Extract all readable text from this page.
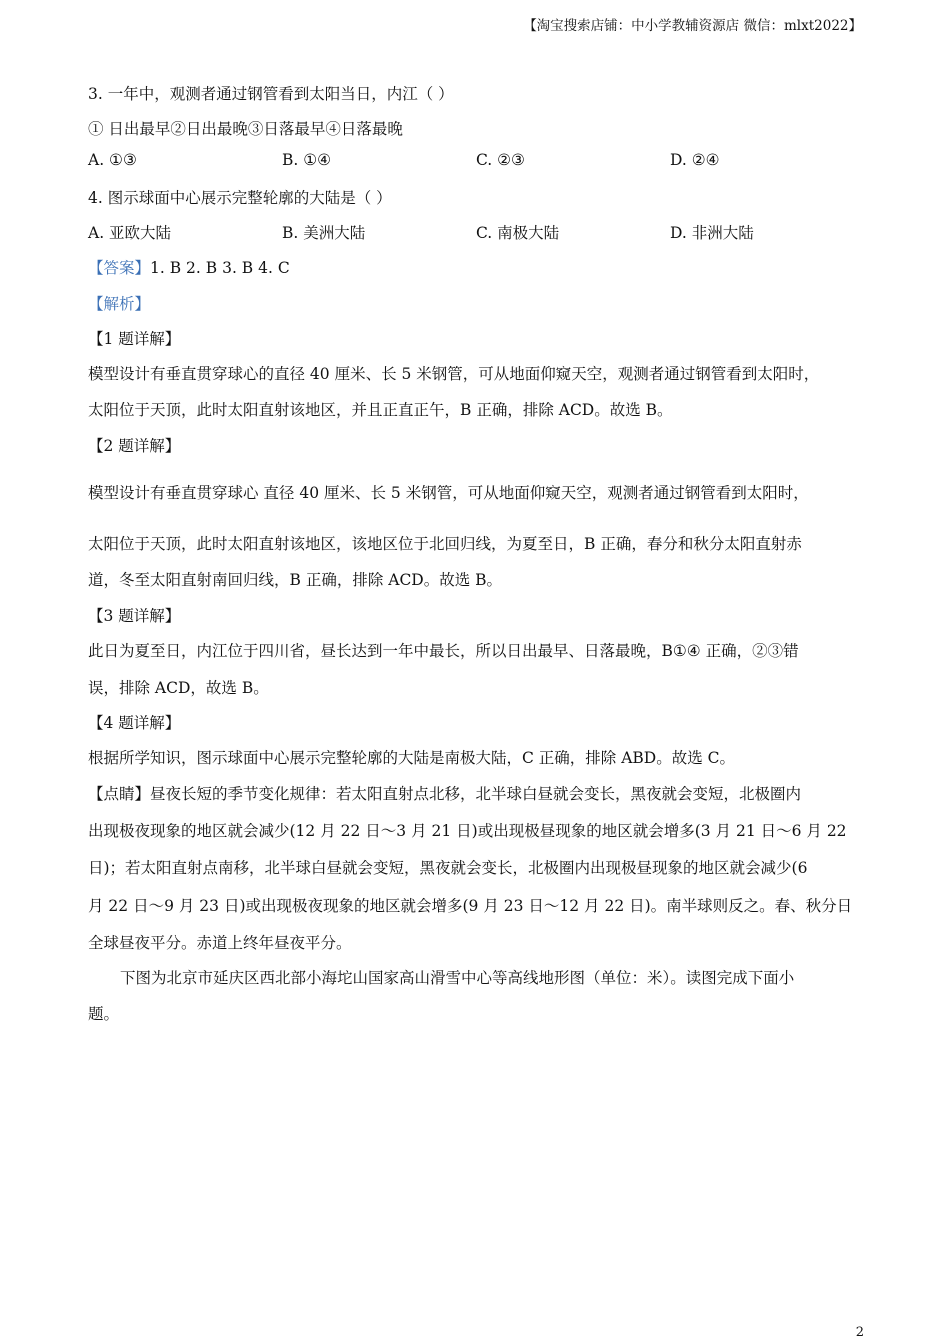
【淘宝搜索店铺：中小学教辅资源店 微信：mlxt2022】
3. 一年中，观测者通过钢管看到太阳当日，内江（ ）
① 日出最早②日出最晚③日落最早④日落最晚
A. ①③	B. ①④	C. ②③	D. ②④
4. 图示球面中心展示完整轮廓的大陆是（ ）
A. 亚欧大陆	B. 美洲大陆	C. 南极大陆	D. 非洲大陆
【答案】1. B 2. B 3. B 4. C
【解析】
【1 题详解】
模型设计有垂直贯穿球心的直径 40 厘米、长 5 米钢管，可从地面仰窥天空，观测者通过钢管看到太阳时，
太阳位于天顶，此时太阳直射该地区，并且正直正午，B 正确，排除 ACD。故选 B。
【2 题详解】
模型设计有垂直贯穿球心 直径 40 厘米、长 5 米钢管，可从地面仰窥天空，观测者通过钢管看到太阳时，
太阳位于天顶，此时太阳直射该地区，该地区位于北回归线，为夏至日，B 正确，春分和秋分太阳直射赤
道，冬至太阳直射南回归线，B 正确，排除 ACD。故选 B。
【3 题详解】
此日为夏至日，内江位于四川省，昼长达到一年中最长，所以日出最早、日落最晚，B①④ 正确，②③错
误，排除 ACD，故选 B。
【4 题详解】
根据所学知识，图示球面中心展示完整轮廓的大陆是南极大陆，C 正确，排除 ABD。故选 C。
【点睛】昼夜长短的季节变化规律：若太阳直射点北移，北半球白昼就会变长，黑夜就会变短，北极圈内
出现极夜现象的地区就会减少(12 月 22 日～3 月 21 日)或出现极昼现象的地区就会增多(3 月 21 日～6 月 22
日)；若太阳直射点南移，北半球白昼就会变短，黑夜就会变长，北极圈内出现极昼现象的地区就会减少(6
月 22 日～9 月 23 日)或出现极夜现象的地区就会增多(9 月 23 日～12 月 22 日)。南半球则反之。春、秋分日
全球昼夜平分。赤道上终年昼夜平分。
下图为北京市延庆区西北部小海坨山国家高山滑雪中心等高线地形图（单位：米）。读图完成下面小
题。
2
